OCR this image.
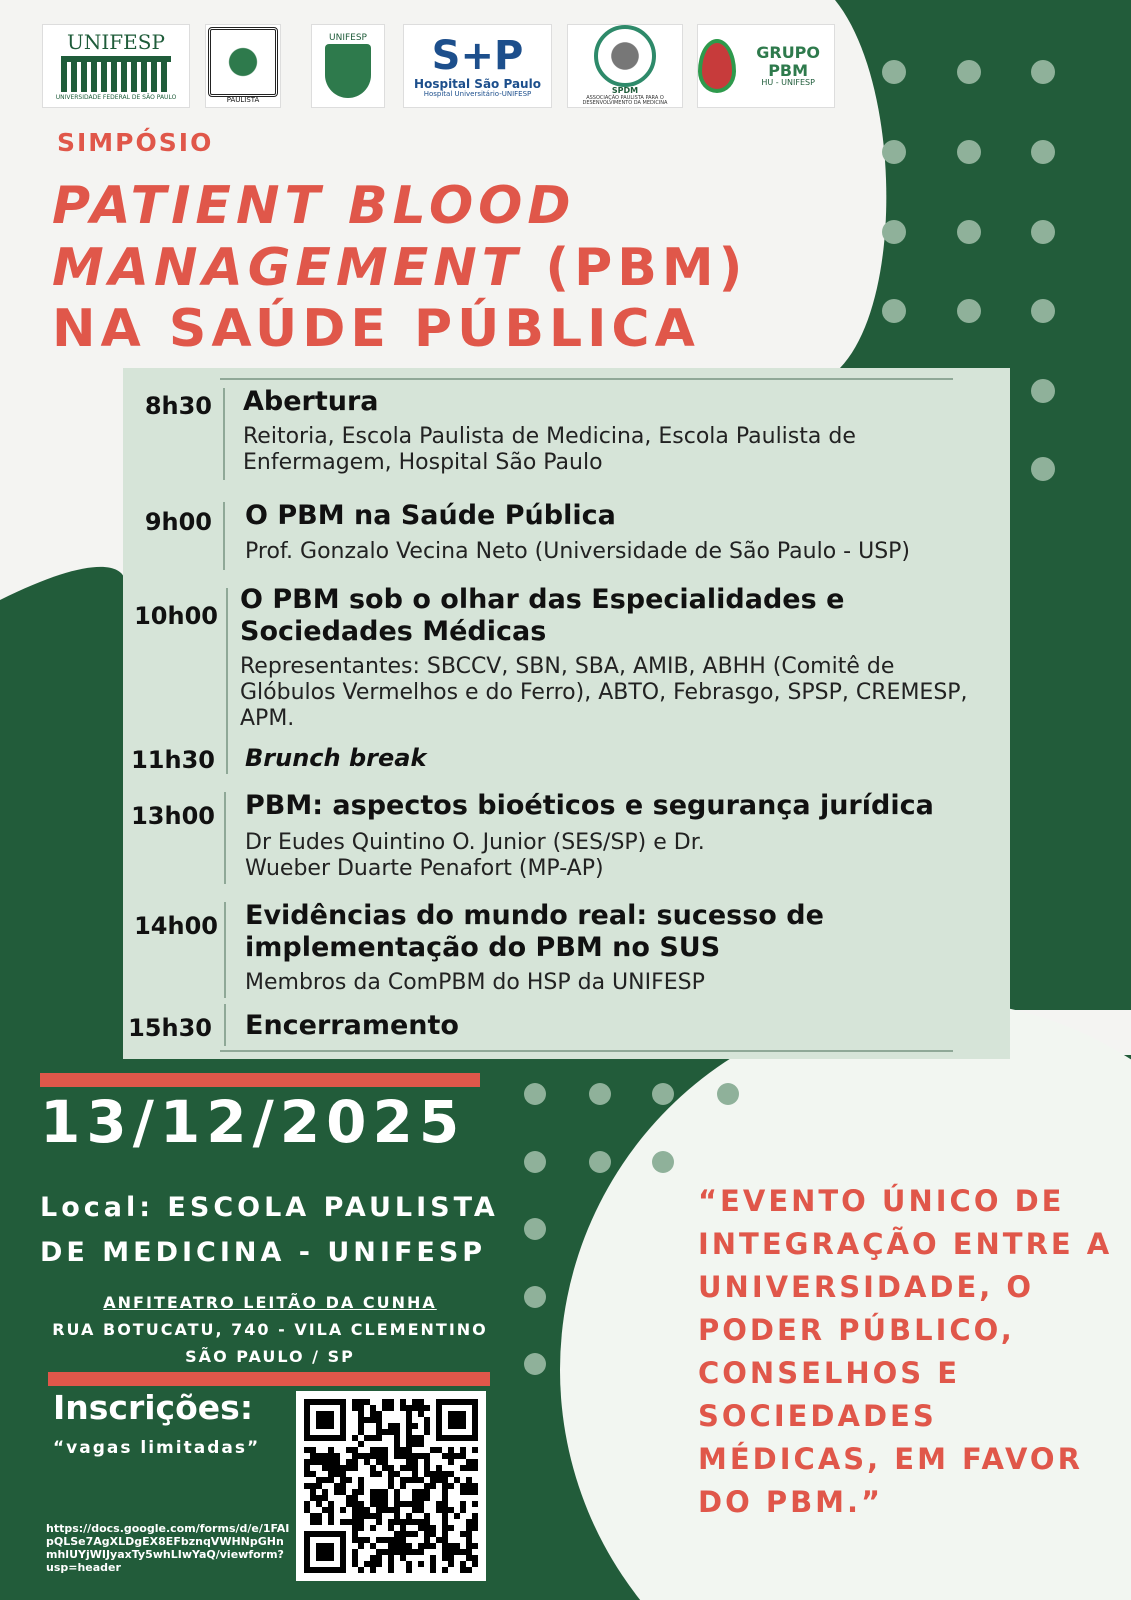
UNIFESP
UNIVERSIDADE FEDERAL DE SÃO PAULO	PAULISTA
UNIFESP S+P
Hospital São Paulo
Hospital Universitário-UNIFESP	SPDM
ASSOCIAÇÃO PAULISTA PARA O DESENVOLVIMENTO DA MEDICINA
GRUPO PBM
HU - UNIFESP
SIMPÓSIO
PATIENT BLOOD
MANAGEMENT (PBM)
NA SAÚDE PÚBLICA
8h30 Abertura
Reitoria, Escola Paulista de Medicina, Escola Paulista de Enfermagem, Hospital São Paulo
9h00 O PBM na Saúde Pública
Prof. Gonzalo Vecina Neto (Universidade de São Paulo - USP)
10h00
O PBM sob o olhar das Especialidades e Sociedades Médicas
Representantes: SBCCV, SBN, SBA, AMIB, ABHH (Comitê de Glóbulos Vermelhos e do Ferro), ABTO, Febrasgo, SPSP, CREMESP, APM.
11h30 Brunch break
13h00 PBM: aspectos bioéticos e segurança jurídica
Dr Eudes Quintino O. Junior (SES/SP) e Dr. Wueber Duarte Penafort (MP-AP)
14h00 Evidências do mundo real: sucesso de implementação do PBM no SUS
Membros da ComPBM do HSP da UNIFESP
15h30 Encerramento
13/12/2025
Local: ESCOLA PAULISTA
DE MEDICINA - UNIFESP
ANFITEATRO LEITÃO DA CUNHA
RUA BOTUCATU, 740 - VILA CLEMENTINO
SÃO PAULO / SP
Inscrições:
“vagas limitadas”
https://docs.google.com/forms/d/e/1FAIpQLSe7AgXLDgEX8EFbznqVWHNpGHnmhlUYjWIJyaxTy5whLIwYaQ/viewform?usp=header
“EVENTO ÚNICO DE INTEGRAÇÃO ENTRE A UNIVERSIDADE, O PODER PÚBLICO, CONSELHOS E SOCIEDADES MÉDICAS, EM FAVOR DO PBM.”
